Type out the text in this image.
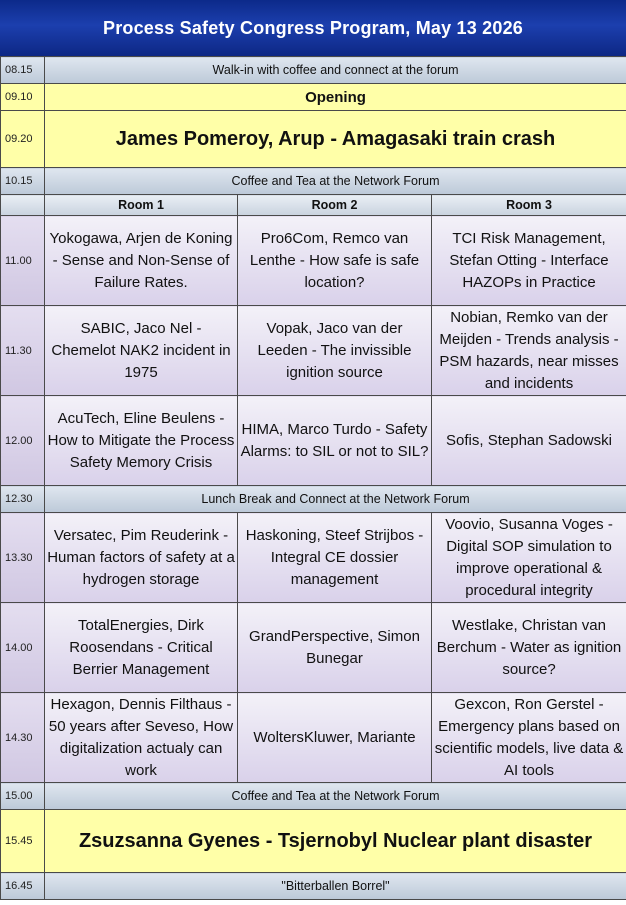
Process Safety Congress Program, May 13 2026
08.15	Walk-in with coffee and connect at the forum		
09.10	Opening		
09.20	James Pomeroy, Arup - Amagasaki train crash		
10.15	Coffee and Tea at the Network Forum		
	Room 1	Room 2	Room 3
11.00	Yokogawa, Arjen de Koning - Sense and Non-Sense of Failure Rates.	Pro6Com, Remco van Lenthe - How safe is safe location?	TCI Risk Management, Stefan Otting - Interface HAZOPs in Practice
11.30	SABIC, Jaco Nel - Chemelot NAK2 incident in 1975	Vopak, Jaco van der Leeden - The invissible ignition source	Nobian, Remko van der Meijden - Trends analysis - PSM hazards, near misses and incidents
12.00	AcuTech, Eline Beulens - How to Mitigate the Process Safety Memory Crisis	HIMA, Marco Turdo - Safety Alarms: to SIL or not to SIL?	Sofis, Stephan Sadowski
12.30	Lunch Break and Connect at the Network Forum		
13.30	Versatec, Pim Reuderink - Human factors of safety at a hydrogen storage	Haskoning, Steef Strijbos - Integral CE dossier management	Voovio, Susanna Voges - Digital SOP simulation to improve operational & procedural integrity
14.00	TotalEnergies, Dirk Roosendans - Critical Berrier Management	GrandPerspective, Simon Bunegar	Westlake, Christan van Berchum - Water as ignition source?
14.30	Hexagon, Dennis Filthaus - 50 years after Seveso, How digitalization actualy can work	WoltersKluwer, Mariante	Gexcon, Ron Gerstel - Emergency plans based on scientific models, live data & AI tools
15.00	Coffee and Tea at the Network Forum		
15.45	Zsuzsanna Gyenes - Tsjernobyl Nuclear plant disaster		
16.45	"Bitterballen Borrel"		
